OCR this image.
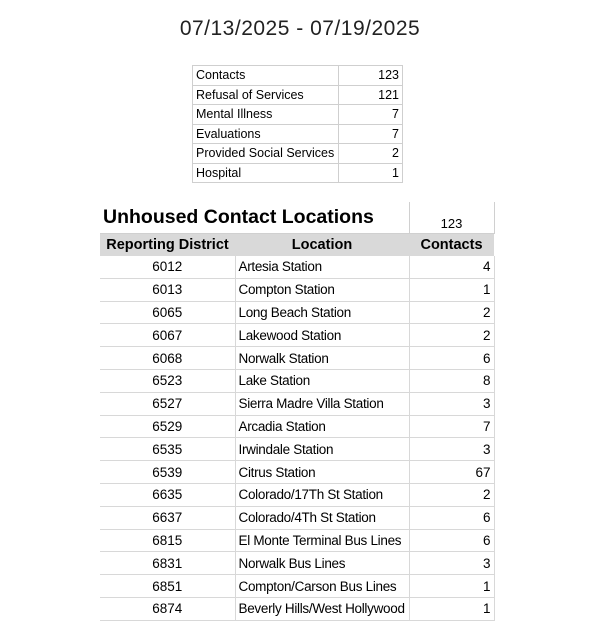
07/13/2025 - 07/19/2025
Contacts	123
Refusal of Services	121
Mental Illness	7
Evaluations	7
Provided Social Services	2
Hospital	1
Unhoused Contact Locations		123
Reporting District	Location	Contacts
6012	Artesia Station	4
6013	Compton Station	1
6065	Long Beach Station	2
6067	Lakewood Station	2
6068	Norwalk Station	6
6523	Lake Station	8
6527	Sierra Madre Villa Station	3
6529	Arcadia Station	7
6535	Irwindale Station	3
6539	Citrus Station	67
6635	Colorado/17Th St Station	2
6637	Colorado/4Th St Station	6
6815	El Monte Terminal Bus Lines	6
6831	Norwalk Bus Lines	3
6851	Compton/Carson Bus Lines	1
6874	Beverly Hills/West Hollywood	1
